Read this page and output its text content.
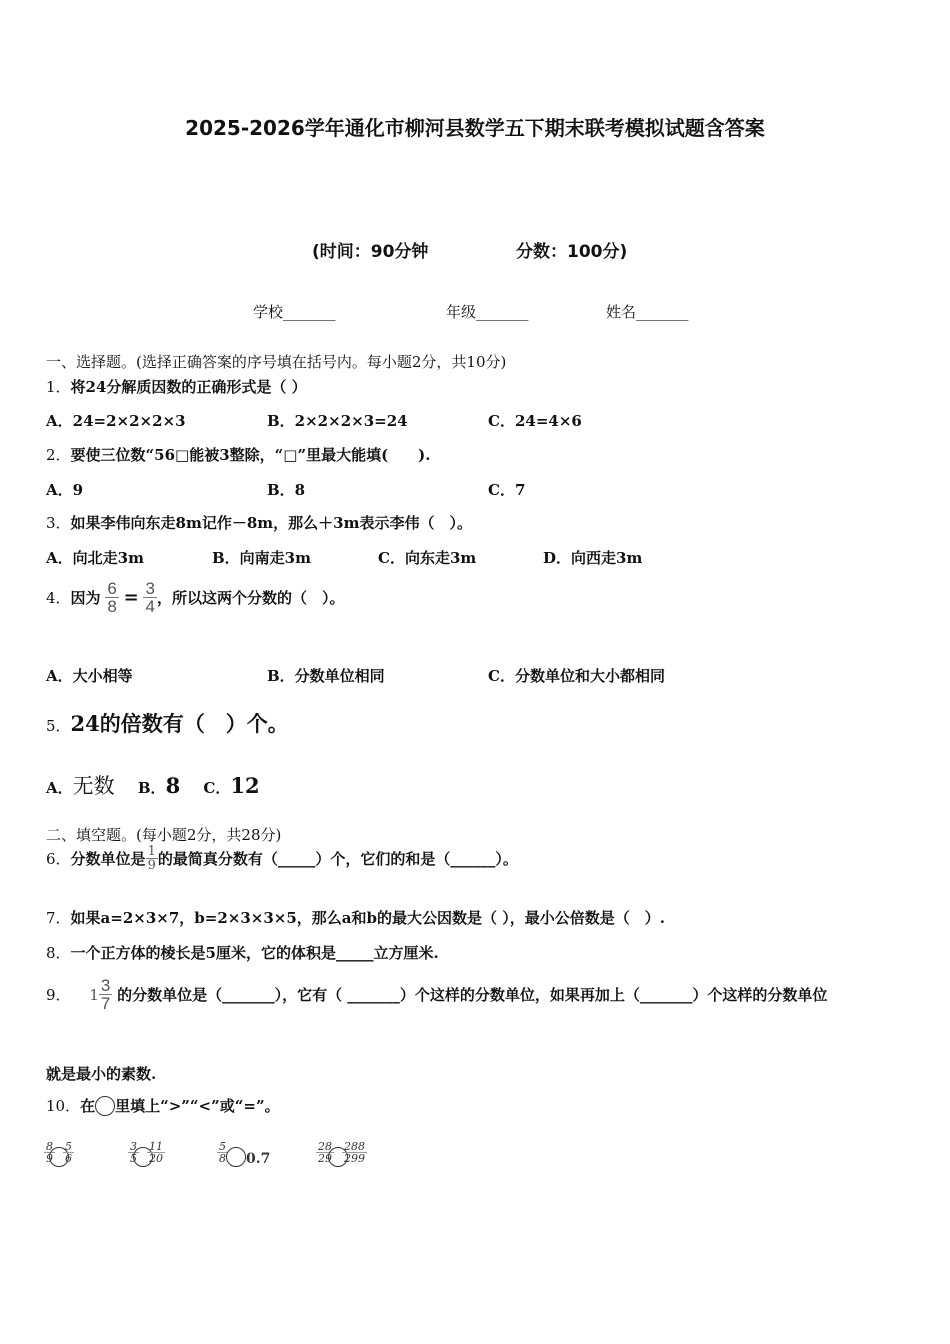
2025-2026学年通化市柳河县数学五下期末联考模拟试题含答案
(时间：90分钟	分数：100分)
学校_______	年级_______	姓名_______
一、选择题。(选择正确答案的序号填在括号内。每小题2分，共10分)
1．将24分解质因数的正确形式是（ ）
A．24=2×2×2×3	B．2×2×2×3=24	C．24=4×6
2．要使三位数“56□能被3整除，“□”里最大能填(　　).
A．9	B．8	C．7
3．如果李伟向东走8m记作－8m，那么＋3m表示李伟（　）。
A．向北走3m	B．向南走3m	C．向东走3m	D．向西走3m
4．因为 $\frac{6}{8} = \frac{3}{4}$ ，所以这两个分数的（　）。
A．大小相等	B．分数单位相同	C．分数单位和大小都相同
5．24的倍数有（　）个。
A．无数 B．8 C．12
二、填空题。(每小题2分，共28分)
6．分数单位是 $\frac{1}{9}$ 的最简真分数有（_____）个，它们的和是（______）。
7．如果a=2×3×7，b=2×3×3×5，那么a和b的最大公因数是（ ），最小公倍数是（　）.
8．一个正方体的棱长是5厘米，它的体积是_____立方厘米.
9． $1 \frac{3}{7}$ 的分数单位是（_______），它有（ _______）个这样的分数单位，如果再加上（_______）个这样的分数单位
就是最小的素数.
10．在 里填上“>”“<”或“=”。
$\frac{8}{9} \frac{5}{6}$	$\frac{3}{5} \frac{11}{20}$	$\frac{5}{8} 0.7$	$\frac{28}{29} \frac{288}{299}$
